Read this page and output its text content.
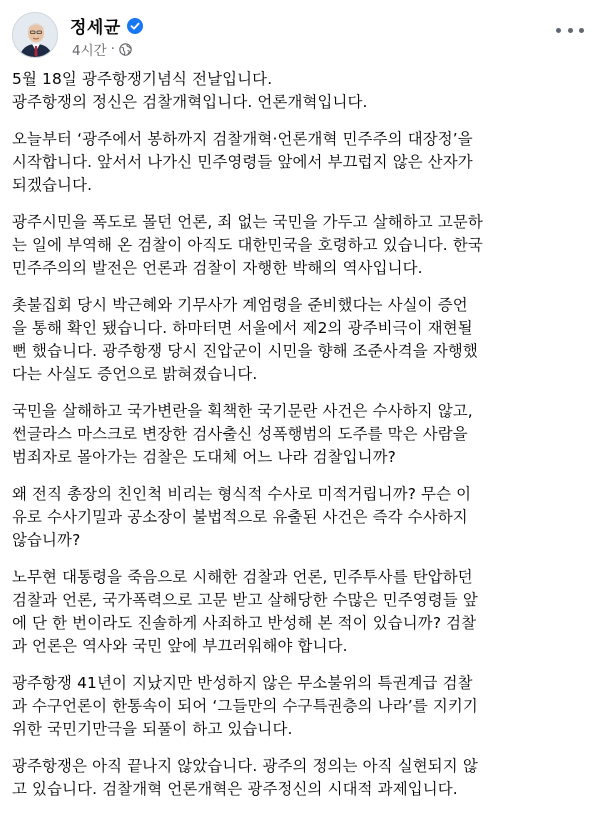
정세균
4시간 ·

5월 18일 광주항쟁기념식 전날입니다.
광주항쟁의 정신은 검찰개혁입니다. 언론개혁입니다.

오늘부터 ‘광주에서 봉하까지 검찰개혁·언론개혁 민주주의 대장정’을
시작합니다. 앞서서 나가신 민주영령들 앞에서 부끄럽지 않은 산자가
되겠습니다.

광주시민을 폭도로 몰던 언론, 죄 없는 국민을 가두고 살해하고 고문하
는 일에 부역해 온 검찰이 아직도 대한민국을 호령하고 있습니다. 한국
민주주의의 발전은 언론과 검찰이 자행한 박해의 역사입니다.

촛불집회 당시 박근혜와 기무사가 계엄령을 준비했다는 사실이 증언
을 통해 확인 됐습니다. 하마터면 서울에서 제2의 광주비극이 재현될
뻔 했습니다. 광주항쟁 당시 진압군이 시민을 향해 조준사격을 자행했
다는 사실도 증언으로 밝혀졌습니다.

국민을 살해하고 국가변란을 획책한 국기문란 사건은 수사하지 않고,
썬글라스 마스크로 변장한 검사출신 성폭행범의 도주를 막은 사람을
범죄자로 몰아가는 검찰은 도대체 어느 나라 검찰입니까?

왜 전직 총장의 친인척 비리는 형식적 수사로 미적거립니까? 무슨 이
유로 수사기밀과 공소장이 불법적으로 유출된 사건은 즉각 수사하지
않습니까?

노무현 대통령을 죽음으로 시해한 검찰과 언론, 민주투사를 탄압하던
검찰과 언론, 국가폭력으로 고문 받고 살해당한 수많은 민주영령들 앞
에 단 한 번이라도 진솔하게 사죄하고 반성해 본 적이 있습니까? 검찰
과 언론은 역사와 국민 앞에 부끄러워해야 합니다.

광주항쟁 41년이 지났지만 반성하지 않은 무소불위의 특권계급 검찰
과 수구언론이 한통속이 되어 ‘그들만의 수구특권층의 나라’를 지키기
위한 국민기만극을 되풀이 하고 있습니다.

광주항쟁은 아직 끝나지 않았습니다. 광주의 정의는 아직 실현되지 않
고 있습니다. 검찰개혁 언론개혁은 광주정신의 시대적 과제입니다.
